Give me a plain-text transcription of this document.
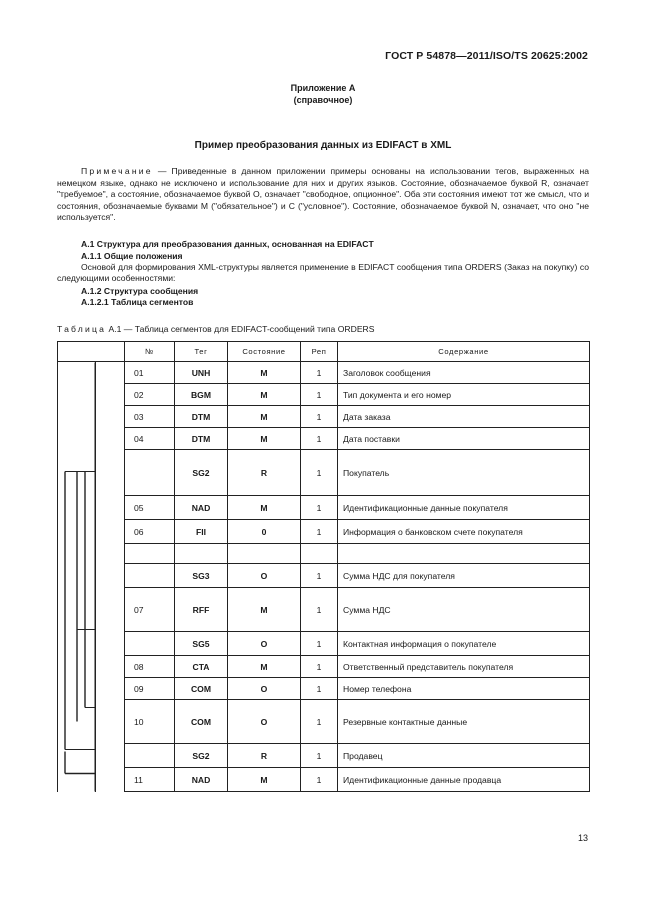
ГОСТ Р 54878—2011/ISO/TS 20625:2002
Приложение А
(справочное)
Пример преобразования данных из EDIFACT в XML
Примечание — Приведенные в данном приложении примеры основаны на использовании тегов, выраженных на немецком языке, однако не исключено и использование для них и других языков. Состояние, обозначаемое буквой R, означает "требуемое", а состояние, обозначаемое буквой О, означает "свободное, опционное". Оба эти состояния имеют тот же смысл, что и состояния, обозначаемые буквами М ("обязательное") и С ("условное"). Состояние, обозначаемое буквой N, означает, что оно "не используется".
А.1 Структура для преобразования данных, основанная на EDIFACT
А.1.1 Общие положения
Основой для формирования XML-структуры является применение в EDIFACT сообщения типа ORDERS (Заказ на покупку) со следующими особенностями:
А.1.2 Структура сообщения
А.1.2.1 Таблица сегментов
Таблица А.1 — Таблица сегментов для EDIFACT-сообщений типа ORDERS
		№	Тег	Состояние	Реп	Содержание
		01	UNH	M	1	Заголовок сообщения
		02	BGM	M	1	Тип документа и его номер
		03	DTM	M	1	Дата заказа
		04	DTM	M	1	Дата поставки
			SG2	R	1	Покупатель
		05	NAD	M	1	Идентификационные данные покупателя
		06	FII	0	1	Информация о банковском счете покупателя

			SG3	O	1	Сумма НДС для покупателя
		07	RFF	M	1	Сумма НДС
			SG5	O	1	Контактная информация о покупателе
		08	CTA	M	1	Ответственный представитель покупателя
		09	COM	O	1	Номер телефона
		10	COM	O	1	Резервные контактные данные
			SG2	R	1	Продавец
		11	NAD	M	1	Идентификационные данные продавца
13
